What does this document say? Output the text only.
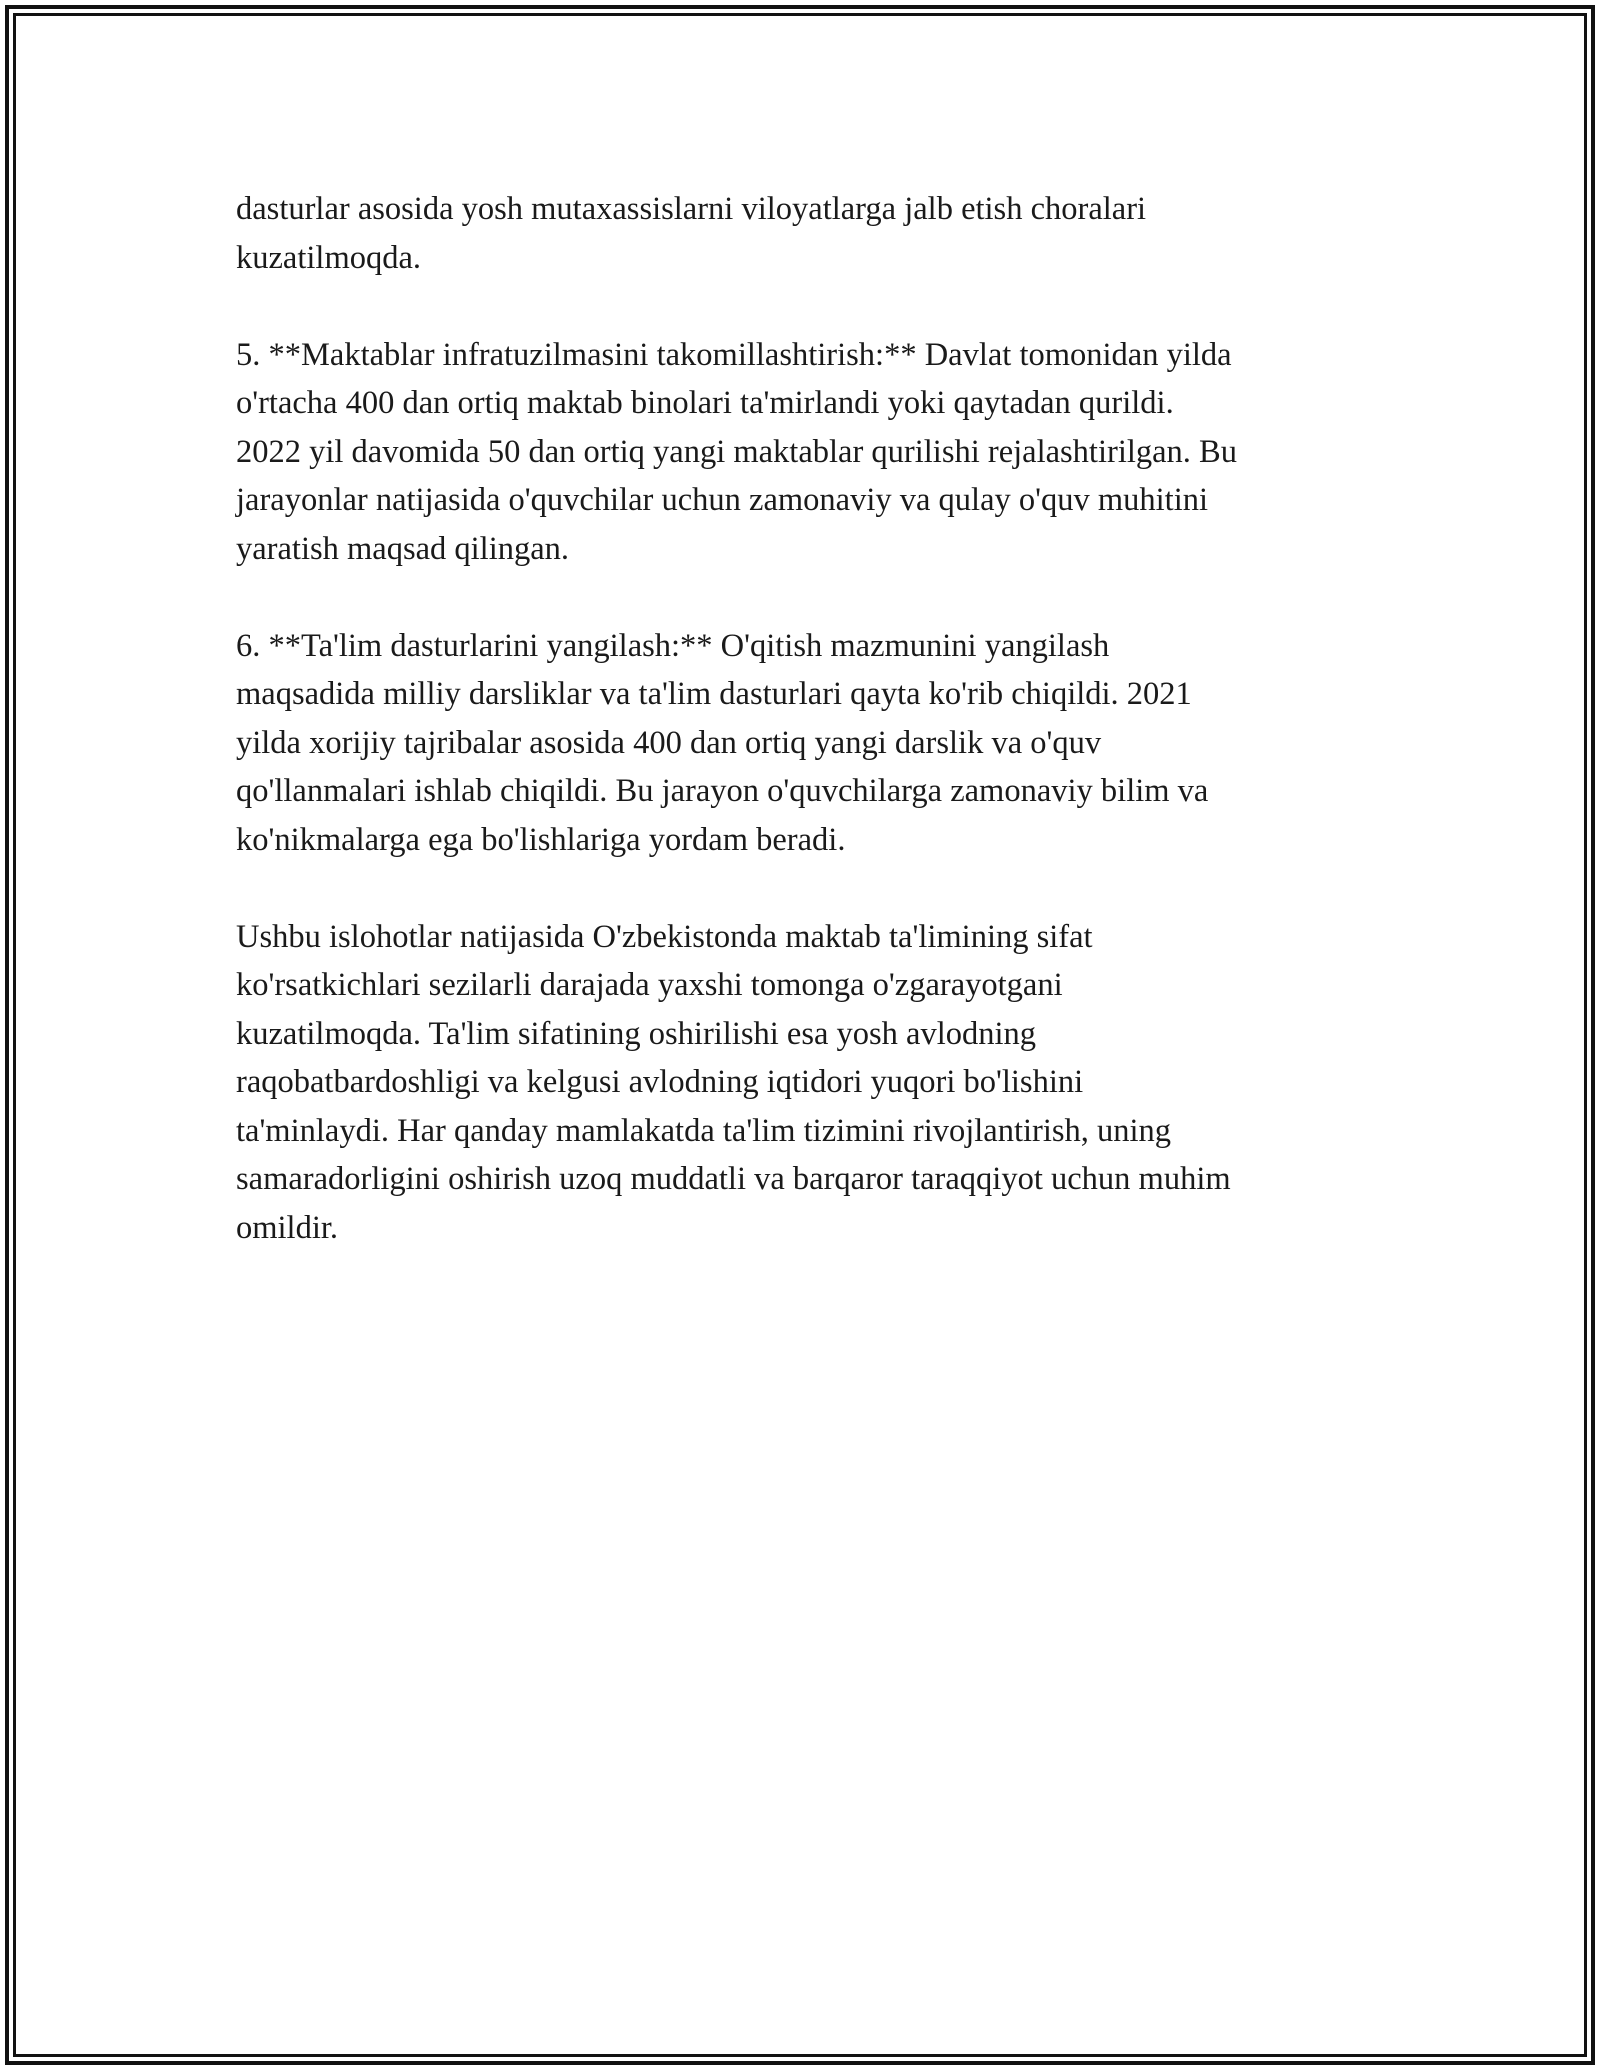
dasturlar asosida yosh mutaxassislarni viloyatlarga jalb etish choralari
kuzatilmoqda.

5. **Maktablar infratuzilmasini takomillashtirish:** Davlat tomonidan yilda
o'rtacha 400 dan ortiq maktab binolari ta'mirlandi yoki qaytadan qurildi.
2022 yil davomida 50 dan ortiq yangi maktablar qurilishi rejalashtirilgan. Bu
jarayonlar natijasida o'quvchilar uchun zamonaviy va qulay o'quv muhitini
yaratish maqsad qilingan.

6. **Ta'lim dasturlarini yangilash:** O'qitish mazmunini yangilash
maqsadida milliy darsliklar va ta'lim dasturlari qayta ko'rib chiqildi. 2021
yilda xorijiy tajribalar asosida 400 dan ortiq yangi darslik va o'quv
qo'llanmalari ishlab chiqildi. Bu jarayon o'quvchilarga zamonaviy bilim va
ko'nikmalarga ega bo'lishlariga yordam beradi.

Ushbu islohotlar natijasida O'zbekistonda maktab ta'limining sifat
ko'rsatkichlari sezilarli darajada yaxshi tomonga o'zgarayotgani
kuzatilmoqda. Ta'lim sifatining oshirilishi esa yosh avlodning
raqobatbardoshligi va kelgusi avlodning iqtidori yuqori bo'lishini
ta'minlaydi. Har qanday mamlakatda ta'lim tizimini rivojlantirish, uning
samaradorligini oshirish uzoq muddatli va barqaror taraqqiyot uchun muhim
omildir.
